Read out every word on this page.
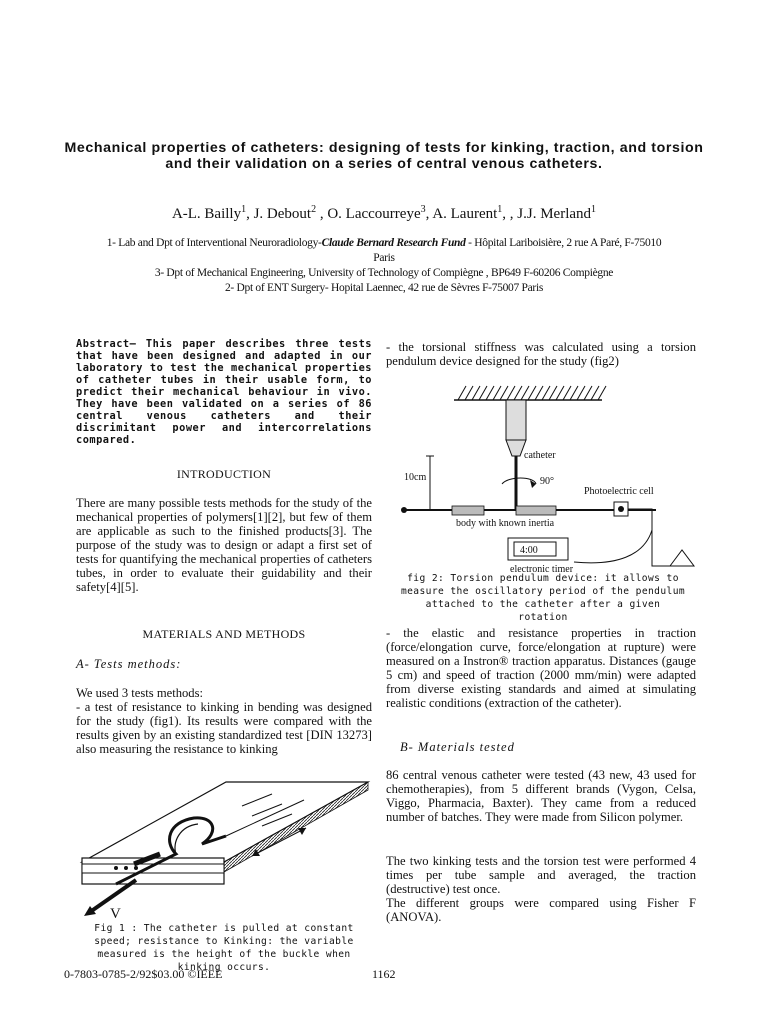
Mechanical properties of catheters: designing of tests for kinking, traction, and torsion and their validation on a series of central venous catheters.
A-L. Bailly$^1$, J. Debout$^2$ , O. Laccourreye$^3$, A. Laurent$^1$, , J.J. Merland$^1$
1- Lab and Dpt of Interventional Neuroradiology-Claude Bernard Research Fund - Hôpital Lariboisière, 2 rue A Paré, F-75010 Paris
3- Dpt of Mechanical Engineering, University of Technology of Compiègne , BP649 F-60206 Compiègne
2- Dpt of ENT Surgery- Hopital Laennec, 42 rue de Sèvres F-75007 Paris
Abstract— This paper describes three tests that have been designed and adapted in our laboratory to test the mechanical properties of catheter tubes in their usable form, to predict their mechanical behaviour in vivo. They have been validated on a series of 86 central venous catheters and their discrimitant power and intercorrelations compared.
INTRODUCTION
There are many possible tests methods for the study of the mechanical properties of polymers[1][2], but few of them are applicable as such to the finished products[3]. The purpose of the study was to design or adapt a first set of tests for quantifying the mechanical properties of catheters tubes, in order to evaluate their guidability and their safety[4][5].
MATERIALS AND METHODS
A- Tests methods:
We used 3 tests methods:
- a test of resistance to kinking in bending was designed for the study (fig1). Its results were compared with the results given by an existing standardized test [DIN 13273] also measuring the resistance to kinking
V
Fig 1 : The catheter is pulled at constant speed; resistance to Kinking: the variable measured is the height of the buckle when kinking occurs.
0-7803-0785-2/92$03.00 ©IEEE	1162
- the torsional stiffness was calculated using a torsion pendulum device designed for the study (fig2)
catheter
10cm	90°
body with known inertia
Photoelectric cell
4:00
electronic timer
fig 2: Torsion pendulum device: it allows to measure the oscillatory period of the pendulum attached to the catheter after a given rotation
- the elastic and resistance properties in traction (force/elongation curve, force/elongation at rupture) were measured on a Instron® traction apparatus. Distances (gauge 5 cm) and speed of traction (2000 mm/min) were adapted from diverse existing standards and aimed at simulating realistic conditions (extraction of the catheter).
B- Materials tested
86 central venous catheter were tested (43 new, 43 used for chemotherapies), from 5 different brands (Vygon, Celsa, Viggo, Pharmacia, Baxter). They came from a reduced number of batches. They were made from Silicon polymer.
The two kinking tests and the torsion test were performed 4 times per tube sample and averaged, the traction (destructive) test once.
The different groups were compared using Fisher F (ANOVA).
